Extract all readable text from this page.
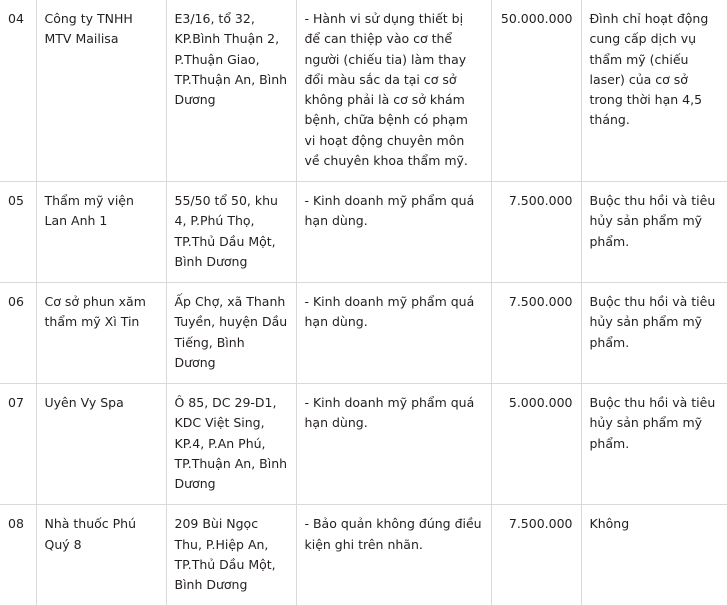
04	Công ty TNHH MTV Mailisa	E3/16, tổ 32, KP.Bình Thuận 2, P.Thuận Giao, TP.Thuận An, Bình Dương	- Hành vi sử dụng thiết bị để can thiệp vào cơ thể người (chiếu tia) làm thay đổi màu sắc da tại cơ sở không phải là cơ sở khám bệnh, chữa bệnh có phạm vi hoạt động chuyên môn về chuyên khoa thẩm mỹ.	50.000.000	Đình chỉ hoạt động cung cấp dịch vụ thẩm mỹ (chiếu laser) của cơ sở trong thời hạn 4,5 tháng.
05	Thẩm mỹ viện Lan Anh 1	55/50 tổ 50, khu 4, P.Phú Thọ, TP.Thủ Dầu Một, Bình Dương	- Kinh doanh mỹ phẩm quá hạn dùng.	7.500.000	Buộc thu hồi và tiêu hủy sản phẩm mỹ phẩm.
06	Cơ sở phun xăm thẩm mỹ Xì Tin	Ấp Chợ, xã Thanh Tuyền, huyện Dầu Tiếng, Bình Dương	- Kinh doanh mỹ phẩm quá hạn dùng.	7.500.000	Buộc thu hồi và tiêu hủy sản phẩm mỹ phẩm.
07	Uyên Vy Spa	Ô 85, DC 29-D1, KDC Việt Sing, KP.4, P.An Phú, TP.Thuận An, Bình Dương	- Kinh doanh mỹ phẩm quá hạn dùng.	5.000.000	Buộc thu hồi và tiêu hủy sản phẩm mỹ phẩm.
08	Nhà thuốc Phú Quý 8	209 Bùi Ngọc Thu, P.Hiệp An, TP.Thủ Dầu Một, Bình Dương	- Bảo quản không đúng điều kiện ghi trên nhãn.	7.500.000	Không
